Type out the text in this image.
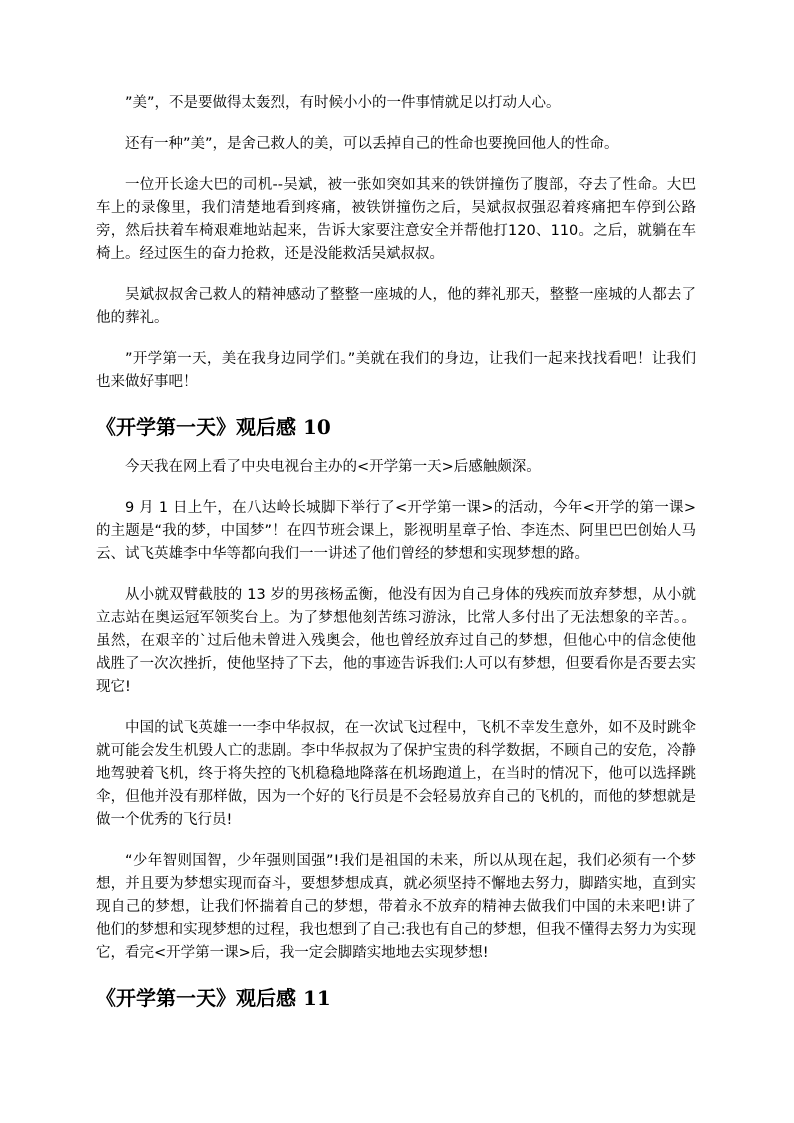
”美”，不是要做得太轰烈，有时候小小的一件事情就足以打动人心。

还有一种”美”，是舍己救人的美，可以丢掉自己的性命也要挽回他人的性命。

一位开长途大巴的司机--吴斌，被一张如突如其来的铁饼撞伤了腹部，夺去了性命。大巴车上的录像里，我们清楚地看到疼痛，被铁饼撞伤之后，吴斌叔叔强忍着疼痛把车停到公路旁，然后扶着车椅艰难地站起来，告诉大家要注意安全并帮他打120、110。之后，就躺在车椅上。经过医生的奋力抢救，还是没能救活吴斌叔叔。

吴斌叔叔舍己救人的精神感动了整整一座城的人，他的葬礼那天，整整一座城的人都去了他的葬礼。

”开学第一天，美在我身边同学们。”美就在我们的身边，让我们一起来找找看吧！让我们也来做好事吧！

《开学第一天》观后感 10

今天我在网上看了中央电视台主办的<开学第一天>后感触颇深。

9 月 1 日上午，在八达岭长城脚下举行了<开学第一课>的活动，今年<开学的第一课>的主题是“我的梦，中国梦”！在四节班会课上，影视明星章子怡、李连杰、阿里巴巴创始人马云、试飞英雄李中华等都向我们一一讲述了他们曾经的梦想和实现梦想的路。

从小就双臂截肢的 13 岁的男孩杨孟衡，他没有因为自己身体的残疾而放弃梦想，从小就立志站在奥运冠军领奖台上。为了梦想他刻苦练习游泳，比常人多付出了无法想象的辛苦。。虽然，在艰辛的`过后他未曾进入残奥会，他也曾经放弃过自己的梦想，但他心中的信念使他战胜了一次次挫折，使他坚持了下去，他的事迹告诉我们:人可以有梦想，但要看你是否要去实现它!

中国的试飞英雄一一李中华叔叔，在一次试飞过程中，飞机不幸发生意外，如不及时跳伞就可能会发生机毁人亡的悲剧。李中华叔叔为了保护宝贵的科学数据，不顾自己的安危，冷静地驾驶着飞机，终于将失控的飞机稳稳地降落在机场跑道上，在当时的情况下，他可以选择跳伞，但他并没有那样做，因为一个好的飞行员是不会轻易放弃自己的飞机的，而他的梦想就是做一个优秀的飞行员!

“少年智则国智，少年强则国强”!我们是祖国的未来，所以从现在起，我们必须有一个梦想，并且要为梦想实现而奋斗，要想梦想成真，就必须坚持不懈地去努力，脚踏实地，直到实现自己的梦想，让我们怀揣着自己的梦想，带着永不放弃的精神去做我们中国的未来吧!讲了他们的梦想和实现梦想的过程，我也想到了自己:我也有自己的梦想，但我不懂得去努力为实现它，看完<开学第一课>后，我一定会脚踏实地地去实现梦想!

《开学第一天》观后感 11
